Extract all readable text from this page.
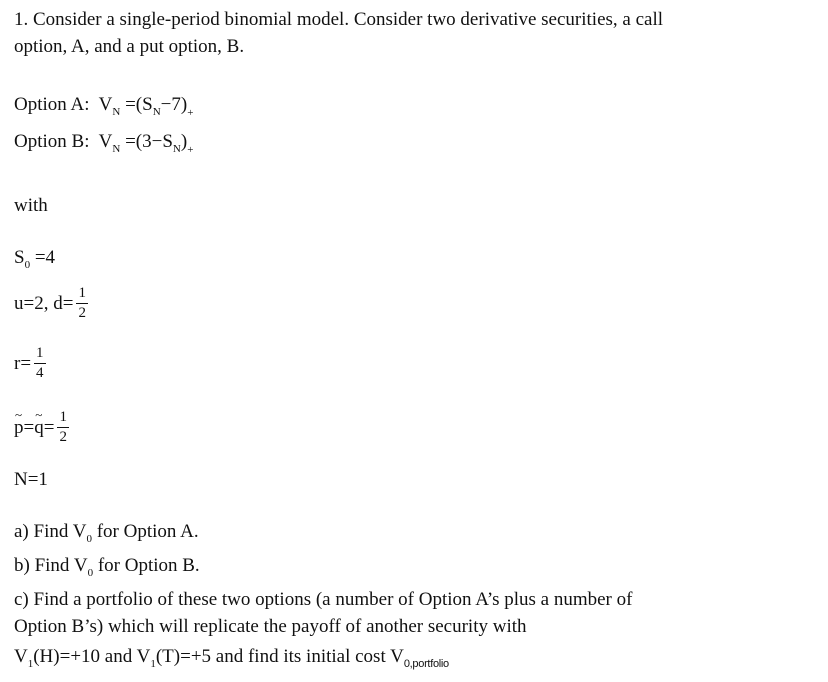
1. Consider a single-period binomial model. Consider two derivative securities, a call
option, A, and a put option, B.
Option A: $V_N =(S_N-7)_+$
Option B: $V_N =(3-S_N)_+$
with
$S_0 =4$
u=2, $d= \frac{1}{2}$
$r= \frac{1}{4}$
~ p=~ $q= \frac{1}{2}$
N=1
a) Find $V_0$ for Option A.
b) Find $V_0$ for Option B.
c) Find a portfolio of these two options (a number of Option A’s plus a number of
Option B’s) which will replicate the payoff of another security with
$V_1(H)=+10$ and $V_1(T)=+5$ and find its initial cost $V_{0,portfolio}$
